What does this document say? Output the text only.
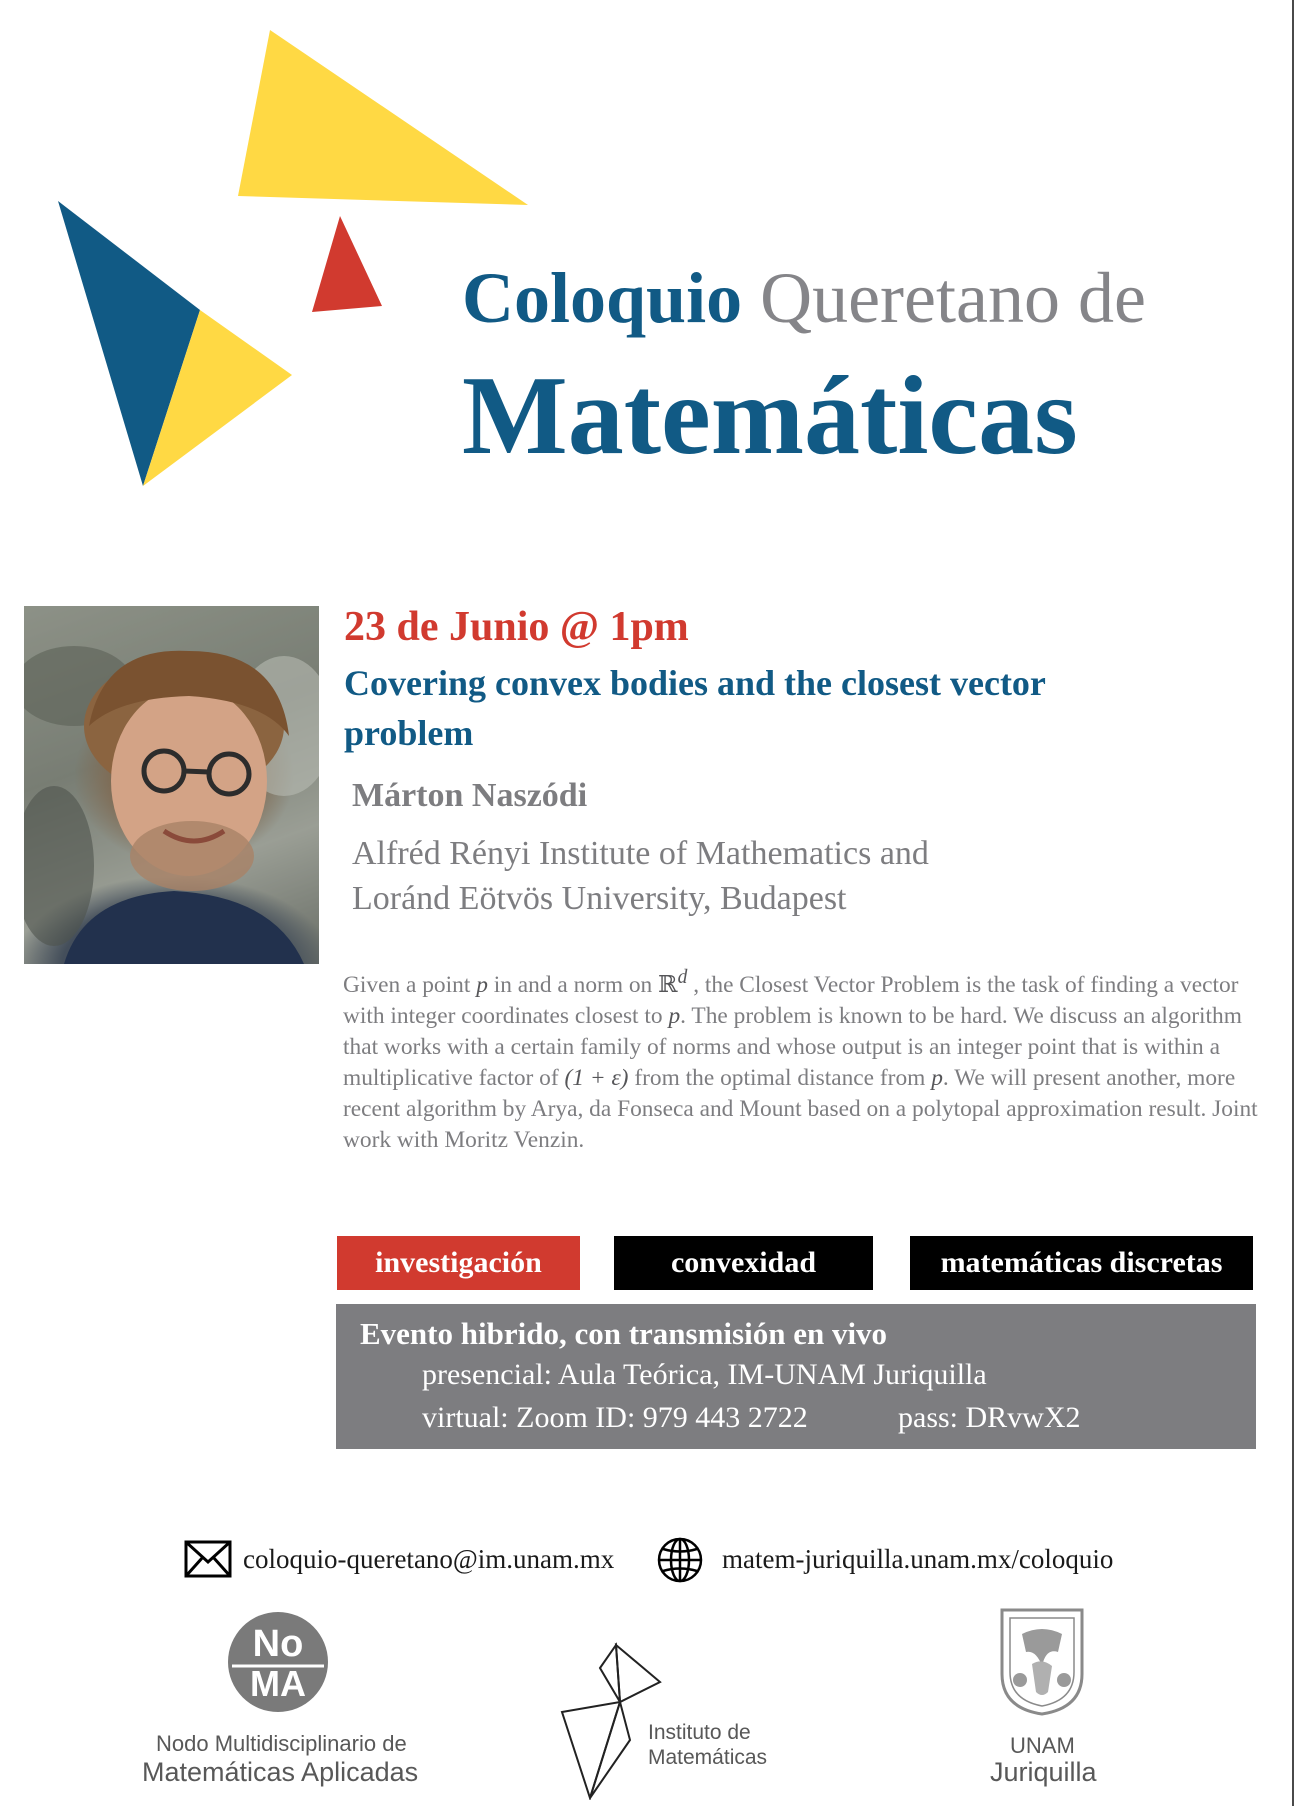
Coloquio Queretano de
Matemáticas
23 de Junio @ 1pm
Covering convex bodies and the closest vector problem
Márton Naszódi
Alfréd Rényi Institute of Mathematics and
Loránd Eötvös University, Budapest
Given a point p in and a norm on ℝ$^d$ , the Closest Vector Problem is the task of finding a vector with integer coordinates closest to p. The problem is known to be hard. We discuss an algorithm that works with a certain family of norms and whose output is an integer point that is within a multiplicative factor of (1 + ε) from the optimal distance from p. We will present another, more recent algorithm by Arya, da Fonseca and Mount based on a polytopal approximation result. Joint work with Moritz Venzin.
investigación	convexidad	matemáticas discretas
Evento hibrido, con transmisión en vivo
presencial: Aula Teórica, IM-UNAM Juriquilla
virtual: Zoom ID: 979 443 2722	pass: DRvwX2
coloquio-queretano@im.unam.mx	matem-juriquilla.unam.mx/coloquio
No
MA
Nodo Multidisciplinario de
Matemáticas Aplicadas
Instituto de
Matemáticas	UNAM
Juriquilla
